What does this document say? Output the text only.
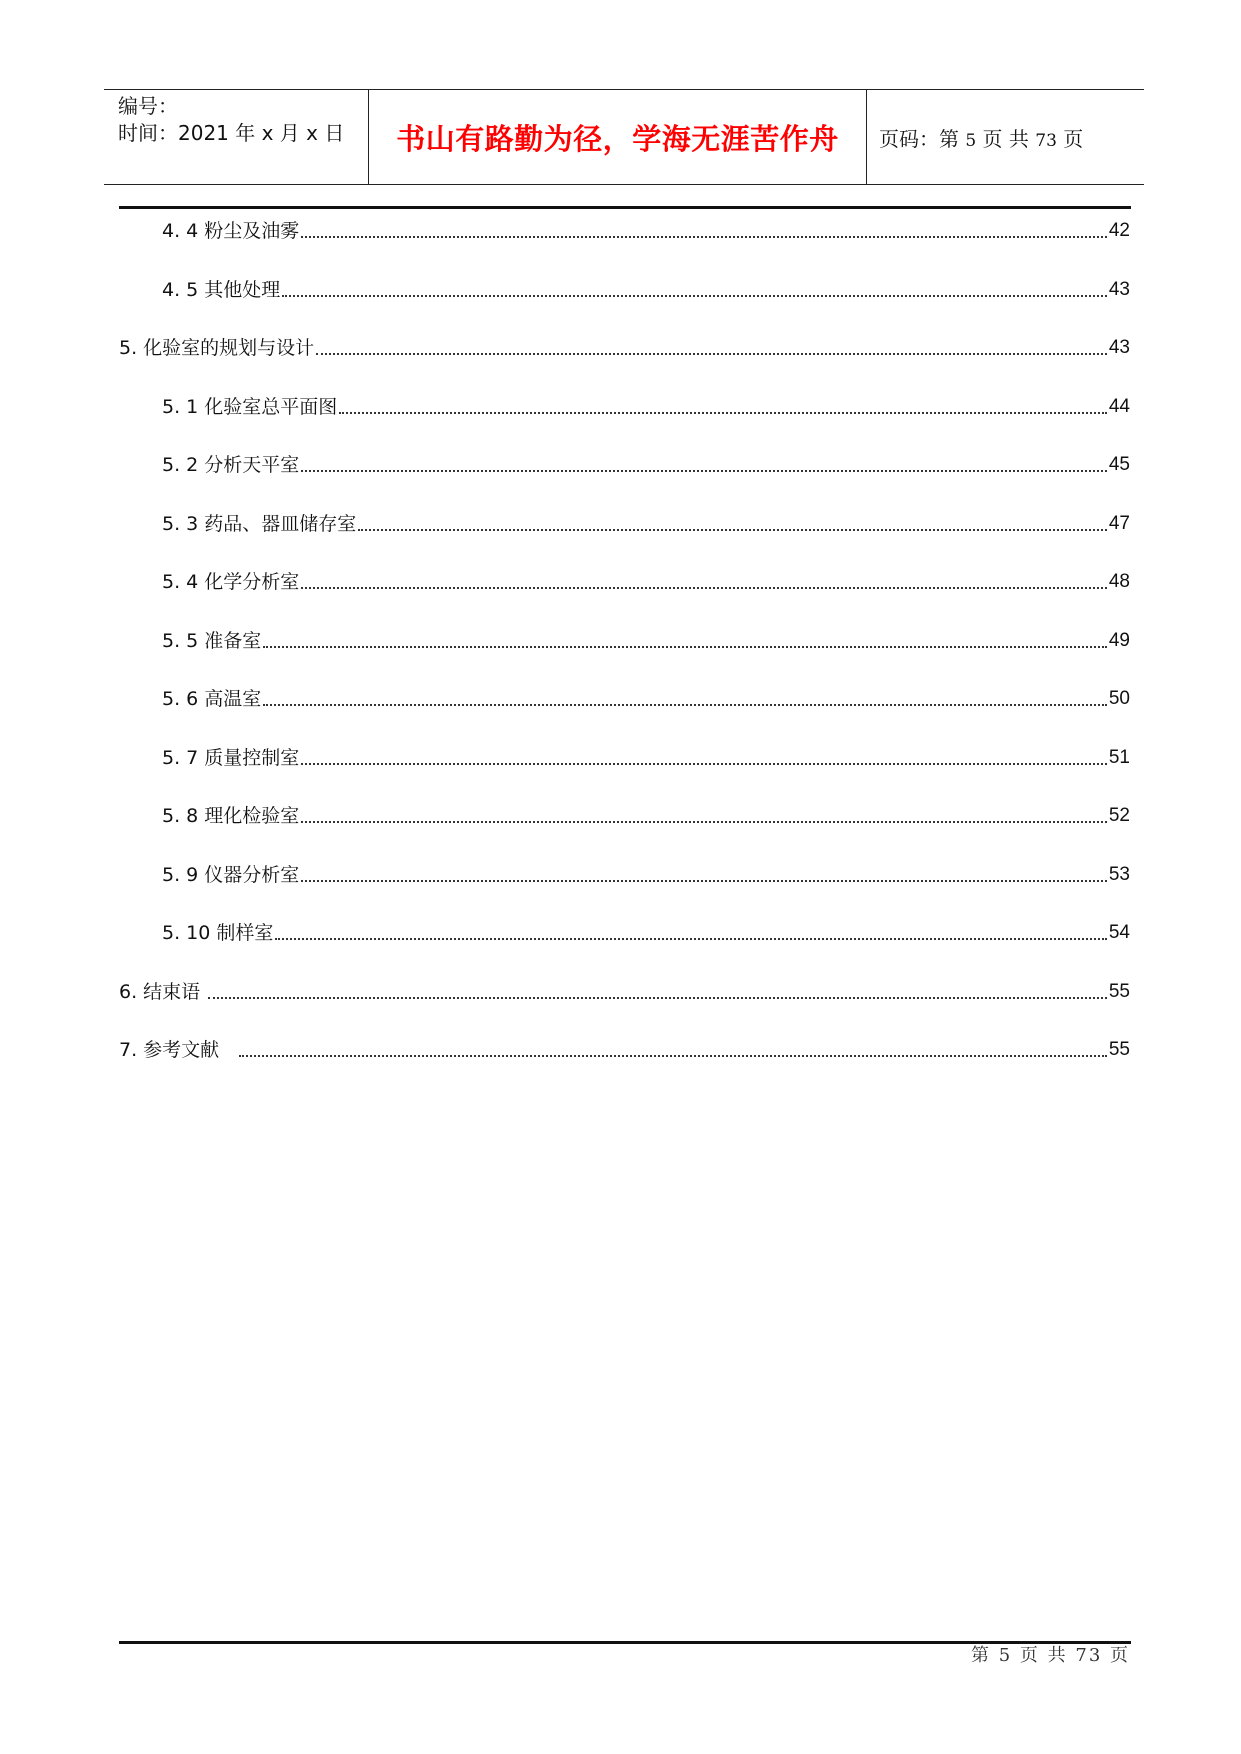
编号：
时间：2021 年 x 月 x 日 书山有路勤为径，学海无涯苦作舟 页码：第 5 页 共 73 页
4. 4 粉尘及油雾	42
4. 5 其他处理	43
5. 化验室的规划与设计	43
5. 1 化验室总平面图	44
5. 2 分析天平室	45
5. 3 药品、器皿储存室	47
5. 4 化学分析室	48
5. 5 准备室	49
5. 6 高温室	50
5. 7 质量控制室	51
5. 8 理化检验室	52
5. 9 仪器分析室	53
5. 10 制样室	54
6. 结束语	55
7. 参考文献	55
第 5 页 共 73 页
